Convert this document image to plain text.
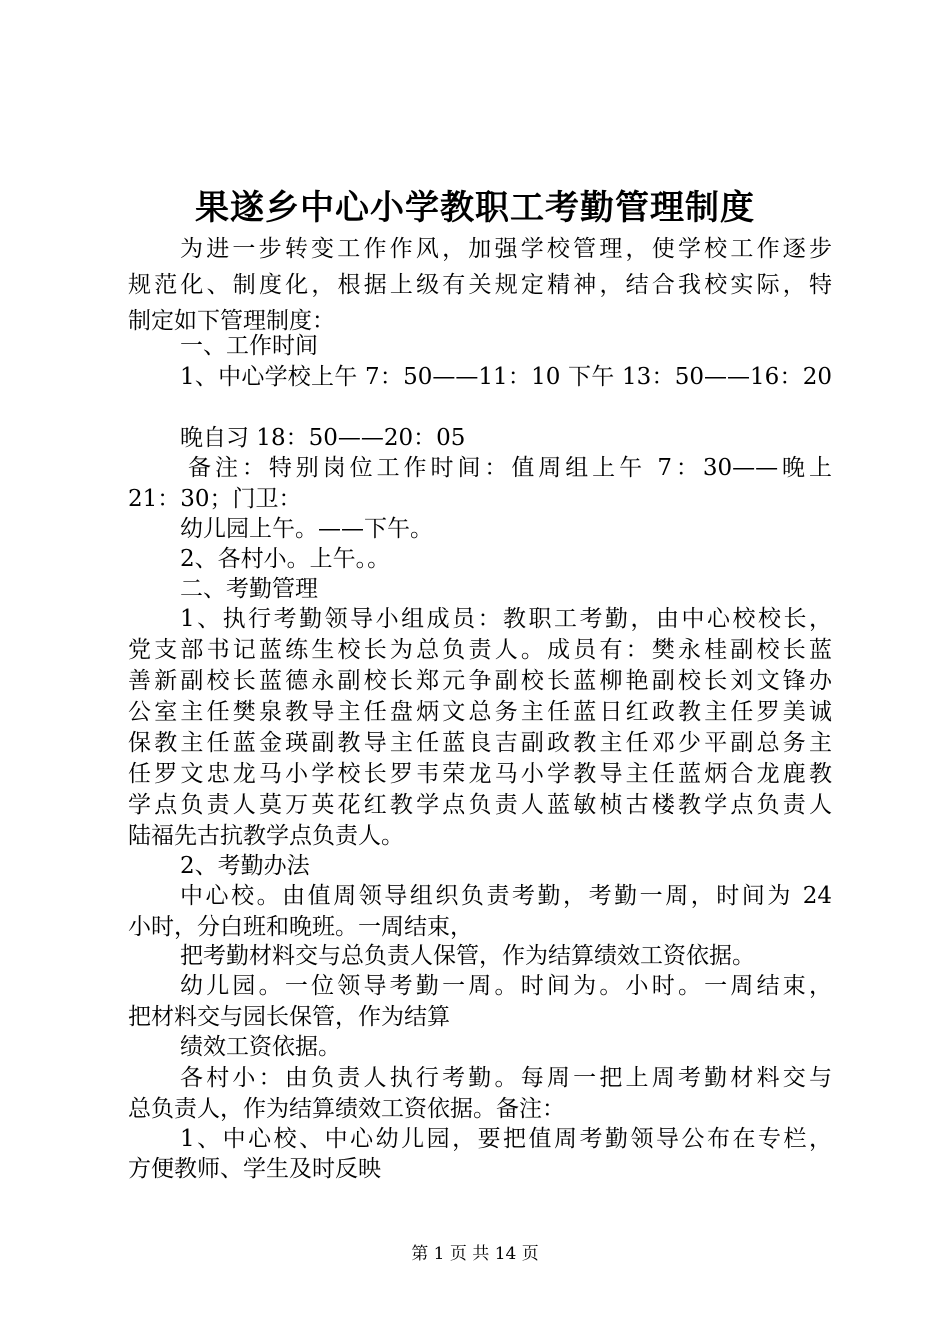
果遂乡中心小学教职工考勤管理制度
为进一步转变工作作风，加强学校管理，使学校工作逐步
规范化、制度化，根据上级有关规定精神，结合我校实际，特
制定如下管理制度：
一、工作时间
1、中心学校上午 7：50——11：10 下午 13：50——16：20
晚自习 18：50——20：05
备注：特别岗位工作时间：值周组上午 7：30——晚上
21：30；门卫：
幼儿园上午。——下午。
2、各村小。上午。。
二、考勤管理
1、执行考勤领导小组成员：教职工考勤，由中心校校长，
党支部书记蓝练生校长为总负责人。成员有：樊永桂副校长蓝
善新副校长蓝德永副校长郑元争副校长蓝柳艳副校长刘文锋办
公室主任樊泉教导主任盘炳文总务主任蓝日红政教主任罗美诚
保教主任蓝金瑛副教导主任蓝良吉副政教主任邓少平副总务主
任罗文忠龙马小学校长罗韦荣龙马小学教导主任蓝炳合龙鹿教
学点负责人莫万英花红教学点负责人蓝敏桢古楼教学点负责人
陆福先古抗教学点负责人。
2、考勤办法
中心校。由值周领导组织负责考勤，考勤一周，时间为 24
小时，分白班和晚班。一周结束，
把考勤材料交与总负责人保管，作为结算绩效工资依据。
幼儿园。一位领导考勤一周。时间为。小时。一周结束，
把材料交与园长保管，作为结算
绩效工资依据。
各村小：由负责人执行考勤。每周一把上周考勤材料交与
总负责人，作为结算绩效工资依据。备注：
1、中心校、中心幼儿园，要把值周考勤领导公布在专栏，
方便教师、学生及时反映
第 1 页 共 14 页
